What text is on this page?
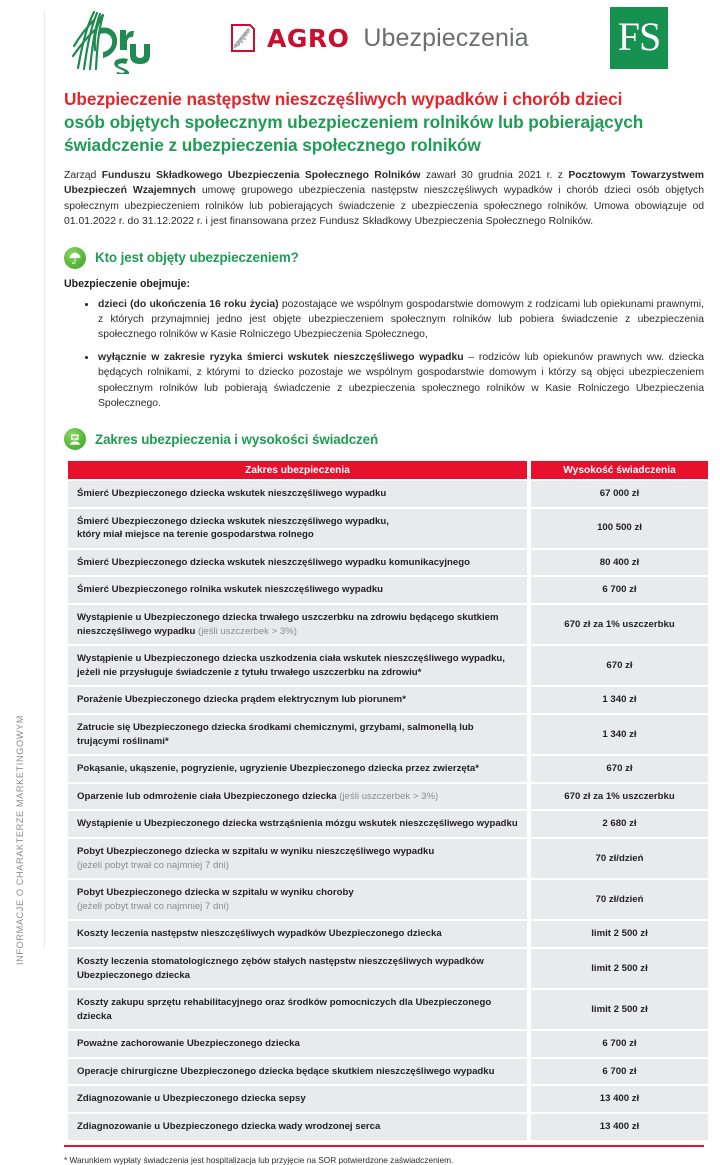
INFORMACJE O CHARAKTERZE MARKETINGOWYM
AGRO Ubezpieczenia FS
Ubezpieczenie następstw nieszczęśliwych wypadków i chorób dzieci
osób objętych społecznym ubezpieczeniem rolników lub pobierających
świadczenie z ubezpieczenia społecznego rolników

Zarząd Funduszu Składkowego Ubezpieczenia Społecznego Rolników zawarł 30 grudnia 2021 r. z Pocztowym Towarzystwem Ubezpieczeń Wzajemnych umowę grupowego ubezpieczenia następstw nieszczęśliwych wypadków i chorób dzieci osób objętych społecznym ubezpieczeniem rolników lub pobierających świadczenie z ubezpieczenia społecznego rolników. Umowa obowiązuje od 01.01.2022 r. do 31.12.2022 r. i jest finansowana przez Fundusz Składkowy Ubezpieczenia Społecznego Rolników.

Kto jest objęty ubezpieczeniem?
Ubezpieczenie obejmuje:
dzieci (do ukończenia 16 roku życia) pozostające we wspólnym gospodarstwie domowym z rodzicami lub opiekunami prawnymi, z których przynajmniej jedno jest objęte ubezpieczeniem społecznym rolników lub pobiera świadczenie z ubezpieczenia społecznego rolników w Kasie Rolniczego Ubezpieczenia Społecznego,
wyłącznie w zakresie ryzyka śmierci wskutek nieszczęśliwego wypadku – rodziców lub opiekunów prawnych ww. dziecka będących rolnikami, z którymi to dziecko pozostaje we wspólnym gospodarstwie domowym i którzy są objęci ubezpieczeniem społecznym rolników lub pobierają świadczenie z ubezpieczenia społecznego rolników w Kasie Rolniczego Ubezpieczenia Społecznego.
Zakres ubezpieczenia i wysokości świadczeń
Zakres ubezpieczenia	Wysokość świadczenia
Śmierć Ubezpieczonego dziecka wskutek nieszczęśliwego wypadku	67 000 zł
Śmierć Ubezpieczonego dziecka wskutek nieszczęśliwego wypadku,
który miał miejsce na terenie gospodarstwa rolnego	100 500 zł
Śmierć Ubezpieczonego dziecka wskutek nieszczęśliwego wypadku komunikacyjnego	80 400 zł
Śmierć Ubezpieczonego rolnika wskutek nieszczęśliwego wypadku	6 700 zł
Wystąpienie u Ubezpieczonego dziecka trwałego uszczerbku na zdrowiu będącego skutkiem
nieszczęśliwego wypadku (jeśli uszczerbek > 3%)	670 zł za 1% uszczerbku
Wystąpienie u Ubezpieczonego dziecka uszkodzenia ciała wskutek nieszczęśliwego wypadku,
jeżeli nie przysługuje świadczenie z tytułu trwałego uszczerbku na zdrowiu*	670 zł
Porażenie Ubezpieczonego dziecka prądem elektrycznym lub piorunem*	1 340 zł
Zatrucie się Ubezpieczonego dziecka środkami chemicznymi, grzybami, salmonellą lub trującymi roślinami*	1 340 zł
Pokąsanie, ukąszenie, pogryzienie, ugryzienie Ubezpieczonego dziecka przez zwierzęta*	670 zł
Oparzenie lub odmrożenie ciała Ubezpieczonego dziecka (jeśli uszczerbek > 3%)	670 zł za 1% uszczerbku
Wystąpienie u Ubezpieczonego dziecka wstrząśnienia mózgu wskutek nieszczęśliwego wypadku	2 680 zł
Pobyt Ubezpieczonego dziecka w szpitalu w wyniku nieszczęśliwego wypadku
(jeżeli pobyt trwał co najmniej 7 dni)	70 zł/dzień
Pobyt Ubezpieczonego dziecka w szpitalu w wyniku choroby
(jeżeli pobyt trwał co najmniej 7 dni)	70 zł/dzień
Koszty leczenia następstw nieszczęśliwych wypadków Ubezpieczonego dziecka	limit 2 500 zł
Koszty leczenia stomatologicznego zębów stałych następstw nieszczęśliwych wypadków
Ubezpieczonego dziecka	limit 2 500 zł
Koszty zakupu sprzętu rehabilitacyjnego oraz środków pomocniczych dla Ubezpieczonego dziecka	limit 2 500 zł
Poważne zachorowanie Ubezpieczonego dziecka	6 700 zł
Operacje chirurgiczne Ubezpieczonego dziecka będące skutkiem nieszczęśliwego wypadku	6 700 zł
Zdiagnozowanie u Ubezpieczonego dziecka sepsy	13 400 zł
Zdiagnozowanie u Ubezpieczonego dziecka wady wrodzonej serca	13 400 zł
* Warunkiem wypłaty świadczenia jest hospitalizacja lub przyjęcie na SOR potwierdzone zaświadczeniem.
